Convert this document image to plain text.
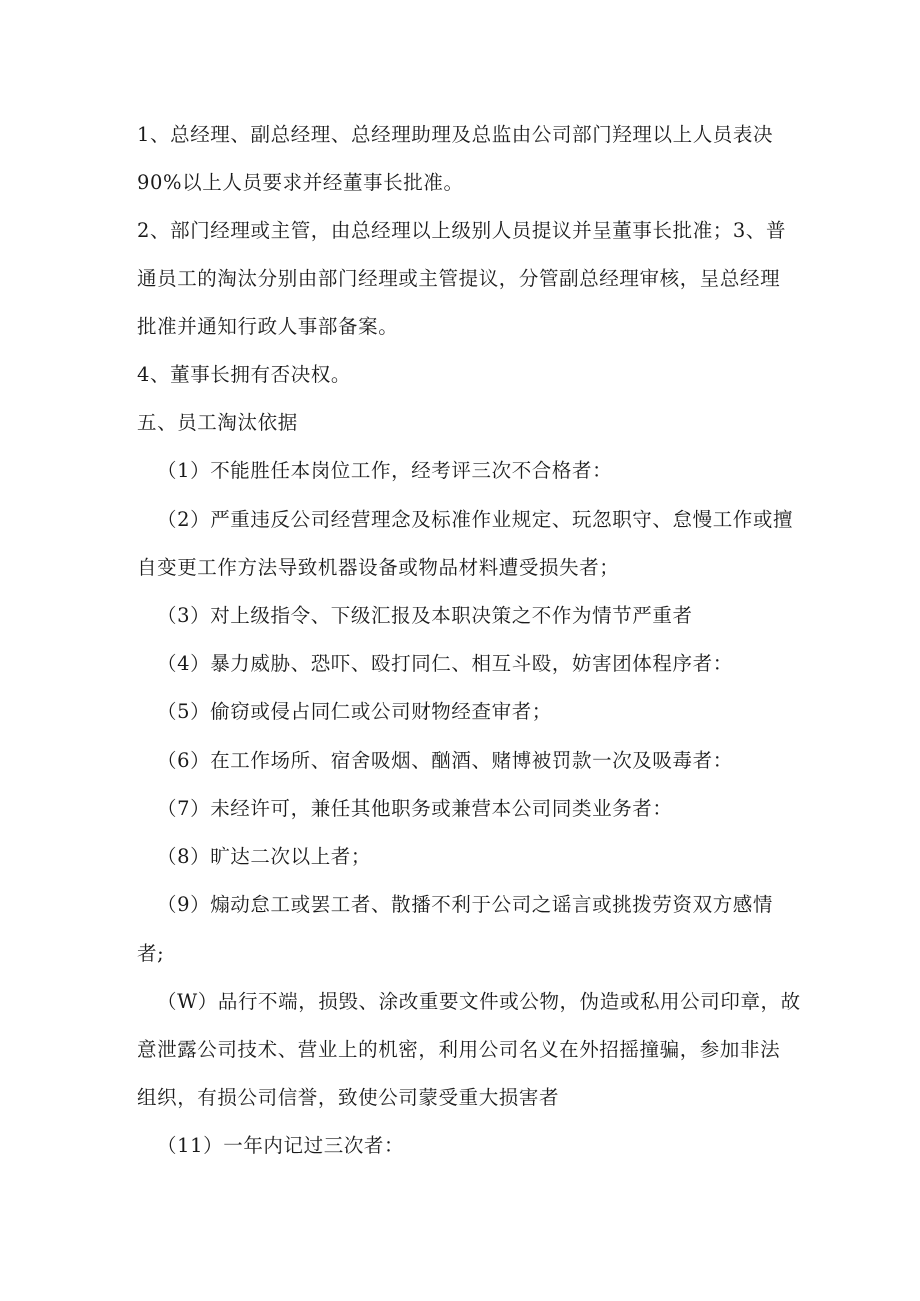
1、总经理、副总经理、总经理助理及总监由公司部门羟理以上人员表决
90%以上人员要求并经董事长批准。
2、部门经理或主管，由总经理以上级别人员提议并呈董事长批准；3、普
通员工的淘汰分别由部门经理或主管提议，分管副总经理审核，呈总经理
批准并通知行政人事部备案。
4、董事长拥有否决权。
五、员工淘汰依据
（1）不能胜任本岗位工作，经考评三次不合格者：
（2）严重违反公司经营理念及标准作业规定、玩忽职守、怠慢工作或擅
自变更工作方法导致机器设备或物品材料遭受损失者；
（3）对上级指令、下级汇报及本职决策之不作为情节严重者
（4）暴力威胁、恐吓、殴打同仁、相互斗殴，妨害团体程序者：
（5）偷窃或侵占同仁或公司财物经查审者；
（6）在工作场所、宿舍吸烟、酗酒、赌博被罚款一次及吸毒者：
（7）未经许可，兼任其他职务或兼营本公司同类业务者：
（8）旷达二次以上者；
（9）煽动怠工或罢工者、散播不利于公司之谣言或挑拨劳资双方感情
者;
（W）品行不端，损毁、涂改重要文件或公物，伪造或私用公司印章，故
意泄露公司技术、营业上的机密，利用公司名义在外招摇撞骗，参加非法
组织，有损公司信誉，致使公司蒙受重大损害者
（11）一年内记过三次者：
